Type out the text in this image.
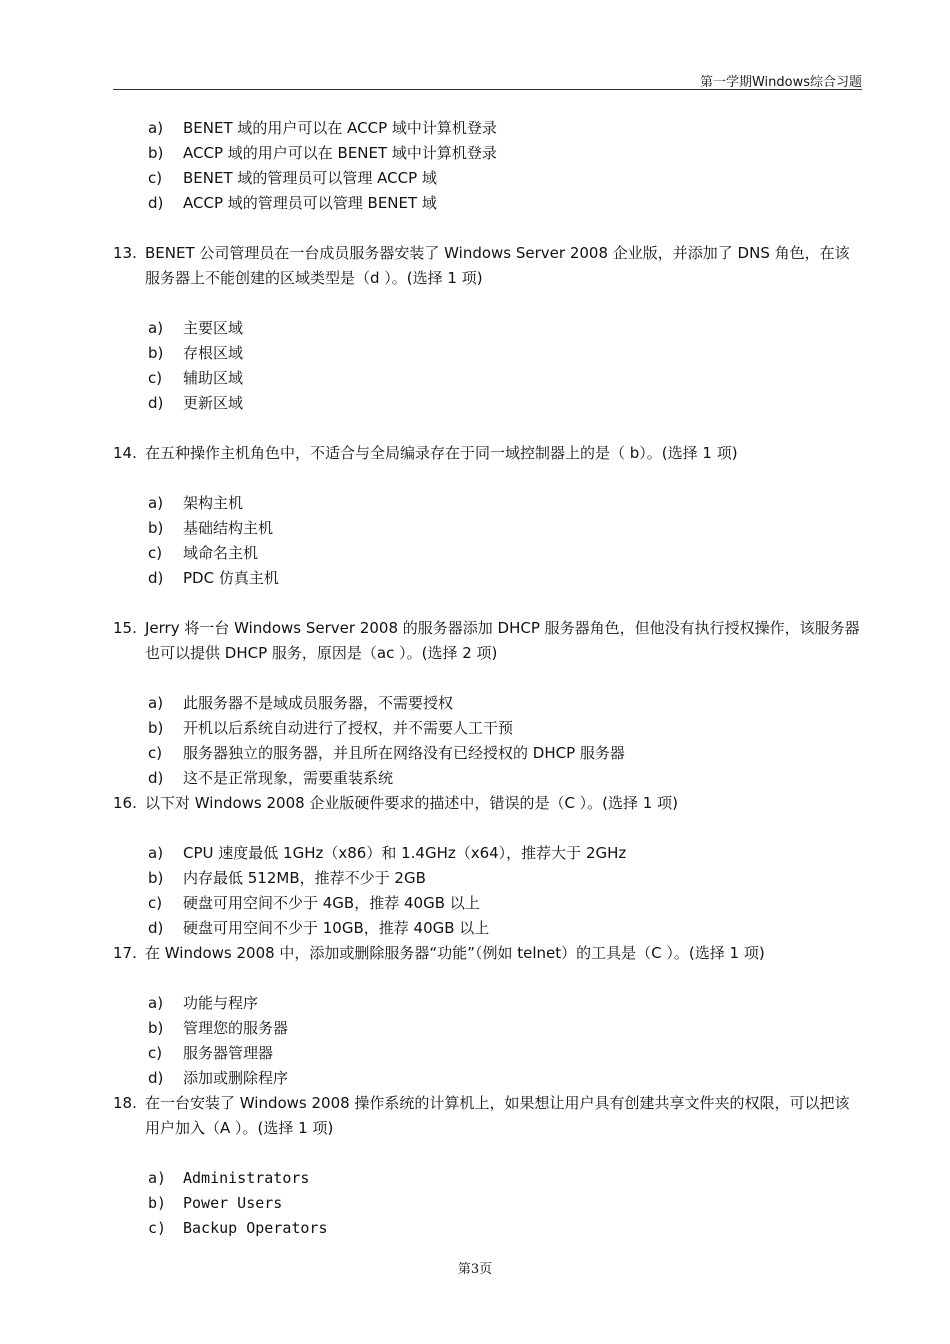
第一学期Windows综合习题
a) BENET 域的用户可以在 ACCP 域中计算机登录
b) ACCP 域的用户可以在 BENET 域中计算机登录
c) BENET 域的管理员可以管理 ACCP 域
d) ACCP 域的管理员可以管理 BENET 域
13. BENET 公司管理员在一台成员服务器安装了 Windows Server 2008 企业版，并添加了 DNS 角色，在该服务器上不能创建的区域类型是（d ）。(选择 1 项)
a) 主要区域
b) 存根区域
c) 辅助区域
d) 更新区域
14. 在五种操作主机角色中，不适合与全局编录存在于同一域控制器上的是（ b）。(选择 1 项)
a) 架构主机
b) 基础结构主机
c) 域命名主机
d) PDC 仿真主机
15. Jerry 将一台 Windows Server 2008 的服务器添加 DHCP 服务器角色，但他没有执行授权操作，该服务器也可以提供 DHCP 服务，原因是（ac ）。(选择 2 项)
a) 此服务器不是域成员服务器，不需要授权
b) 开机以后系统自动进行了授权，并不需要人工干预
c) 服务器独立的服务器，并且所在网络没有已经授权的 DHCP 服务器
d) 这不是正常现象，需要重装系统
16. 以下对 Windows 2008 企业版硬件要求的描述中，错误的是（C ）。(选择 1 项)
a) CPU 速度最低 1GHz（x86）和 1.4GHz（x64），推荐大于 2GHz
b) 内存最低 512MB，推荐不少于 2GB
c) 硬盘可用空间不少于 4GB，推荐 40GB 以上
d) 硬盘可用空间不少于 10GB，推荐 40GB 以上
17. 在 Windows 2008 中，添加或删除服务器“功能”（例如 telnet）的工具是（C ）。(选择 1 项)
a) 功能与程序
b) 管理您的服务器
c) 服务器管理器
d) 添加或删除程序
18. 在一台安装了 Windows 2008 操作系统的计算机上，如果想让用户具有创建共享文件夹的权限，可以把该用户加入（A ）。(选择 1 项)
a) Administrators
b) Power Users
c) Backup Operators
第3页
